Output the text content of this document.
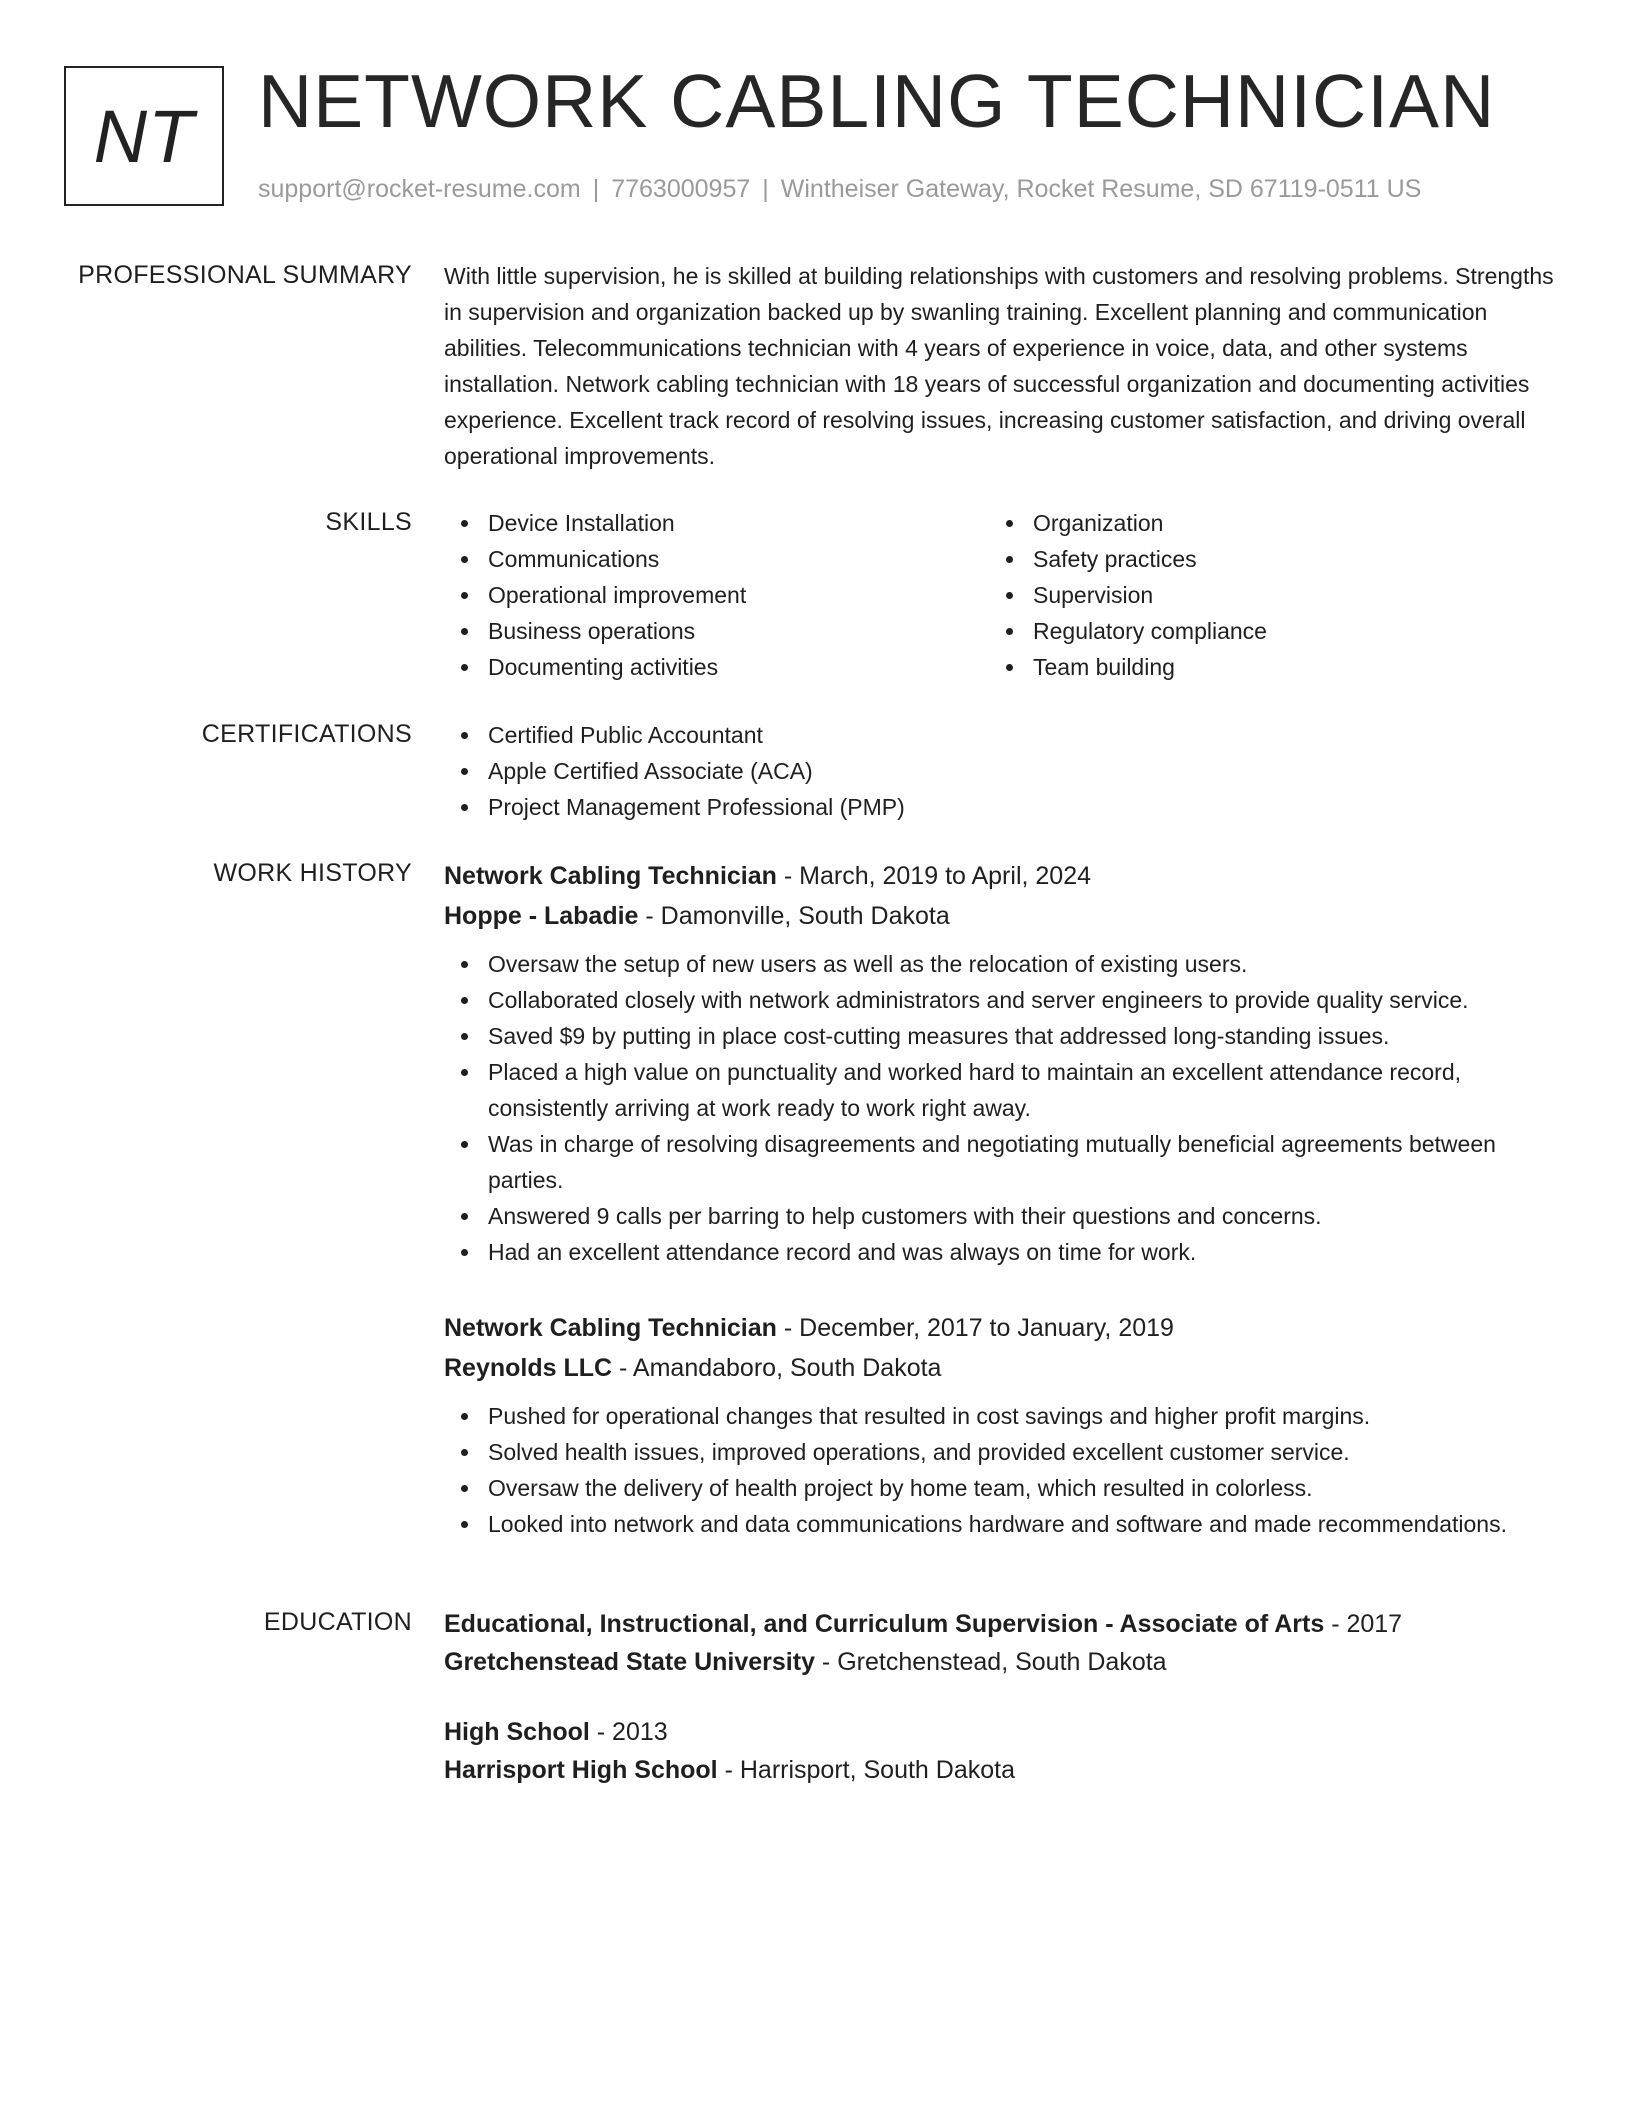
NT NETWORK CABLING TECHNICIAN
support@rocket-resume.com | 7763000957 | Wintheiser Gateway, Rocket Resume, SD 67119-0511 US
PROFESSIONAL SUMMARY With little supervision, he is skilled at building relationships with customers and resolving problems. Strengths in supervision and organization backed up by swanling training. Excellent planning and communication abilities. Telecommunications technician with 4 years of experience in voice, data, and other systems installation. Network cabling technician with 18 years of successful organization and documenting activities experience. Excellent track record of resolving issues, increasing customer satisfaction, and driving overall operational improvements.

SKILLS	Device Installation
Communications
Operational improvement
Business operations
Documenting activities
Organization
Safety practices
Supervision
Regulatory compliance
Team building
CERTIFICATIONS	Certified Public Accountant
Apple Certified Associate (ACA)
Project Management Professional (PMP)
WORK HISTORY Network Cabling Technician - March, 2019 to April, 2024
Hoppe - Labadie - Damonville, South Dakota
Oversaw the setup of new users as well as the relocation of existing users.
Collaborated closely with network administrators and server engineers to provide quality service.
Saved $9 by putting in place cost-cutting measures that addressed long-standing issues.
Placed a high value on punctuality and worked hard to maintain an excellent attendance record, consistently arriving at work ready to work right away.
Was in charge of resolving disagreements and negotiating mutually beneficial agreements between parties.
Answered 9 calls per barring to help customers with their questions and concerns.
Had an excellent attendance record and was always on time for work.
Network Cabling Technician - December, 2017 to January, 2019
Reynolds LLC - Amandaboro, South Dakota
Pushed for operational changes that resulted in cost savings and higher profit margins.
Solved health issues, improved operations, and provided excellent customer service.
Oversaw the delivery of health project by home team, which resulted in colorless.
Looked into network and data communications hardware and software and made recommendations.
EDUCATION Educational, Instructional, and Curriculum Supervision - Associate of Arts - 2017
Gretchenstead State University - Gretchenstead, South Dakota
High School - 2013
Harrisport High School - Harrisport, South Dakota
